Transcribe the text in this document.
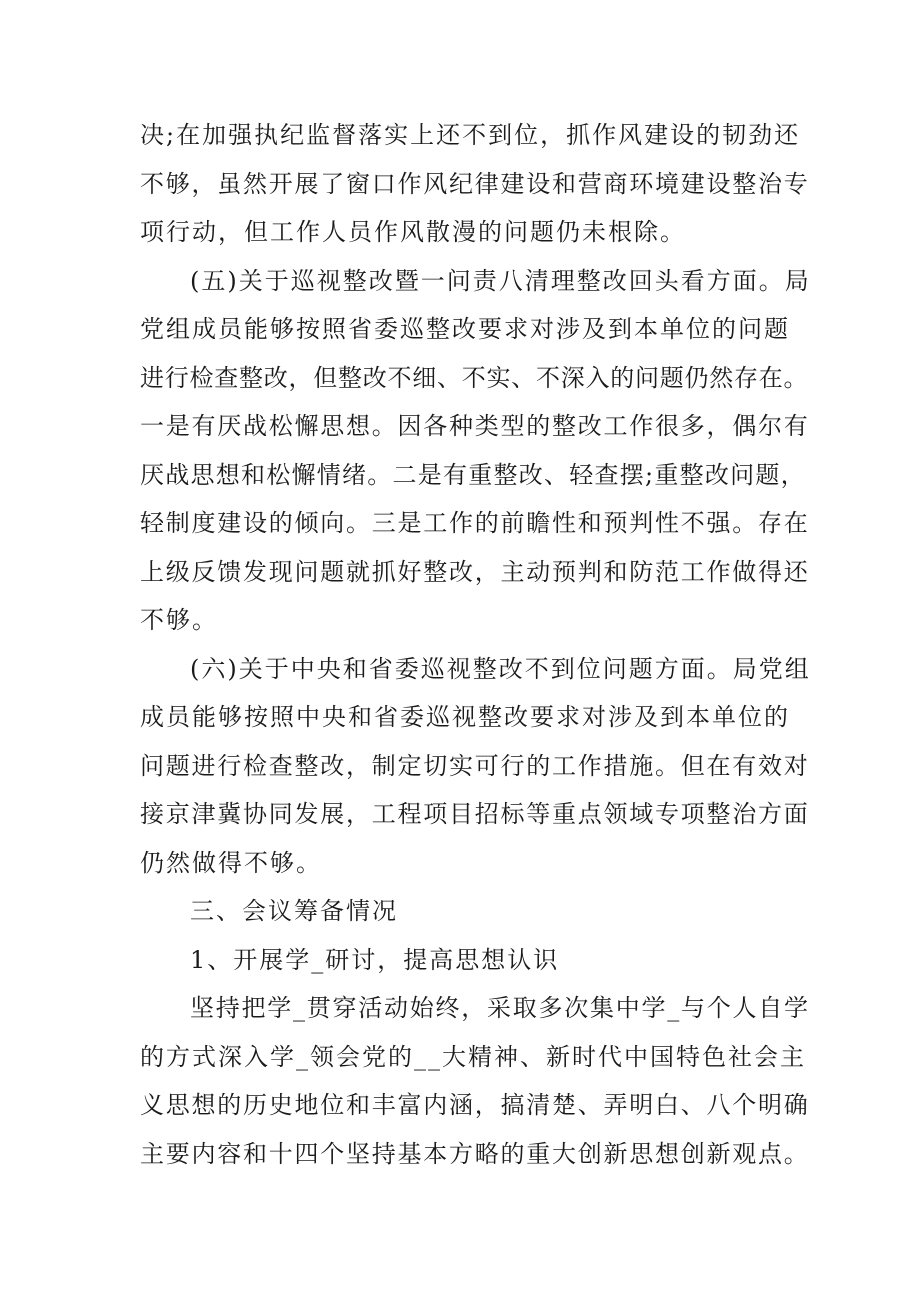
决;在加强执纪监督落实上还不到位，抓作风建设的韧劲还
不够，虽然开展了窗口作风纪律建设和营商环境建设整治专
项行动，但工作人员作风散漫的问题仍未根除。

(五)关于巡视整改暨一问责八清理整改回头看方面。局
党组成员能够按照省委巡整改要求对涉及到本单位的问题
进行检查整改，但整改不细、不实、不深入的问题仍然存在。
一是有厌战松懈思想。因各种类型的整改工作很多，偶尔有
厌战思想和松懈情绪。二是有重整改、轻查摆;重整改问题，
轻制度建设的倾向。三是工作的前瞻性和预判性不强。存在
上级反馈发现问题就抓好整改，主动预判和防范工作做得还
不够。

(六)关于中央和省委巡视整改不到位问题方面。局党组
成员能够按照中央和省委巡视整改要求对涉及到本单位的
问题进行检查整改，制定切实可行的工作措施。但在有效对
接京津冀协同发展，工程项目招标等重点领域专项整治方面
仍然做得不够。

三、会议筹备情况

1、开展学_研讨，提高思想认识

坚持把学_贯穿活动始终，采取多次集中学_与个人自学
的方式深入学_领会党的__大精神、新时代中国特色社会主
义思想的历史地位和丰富内涵，搞清楚、弄明白、八个明确
主要内容和十四个坚持基本方略的重大创新思想创新观点。
